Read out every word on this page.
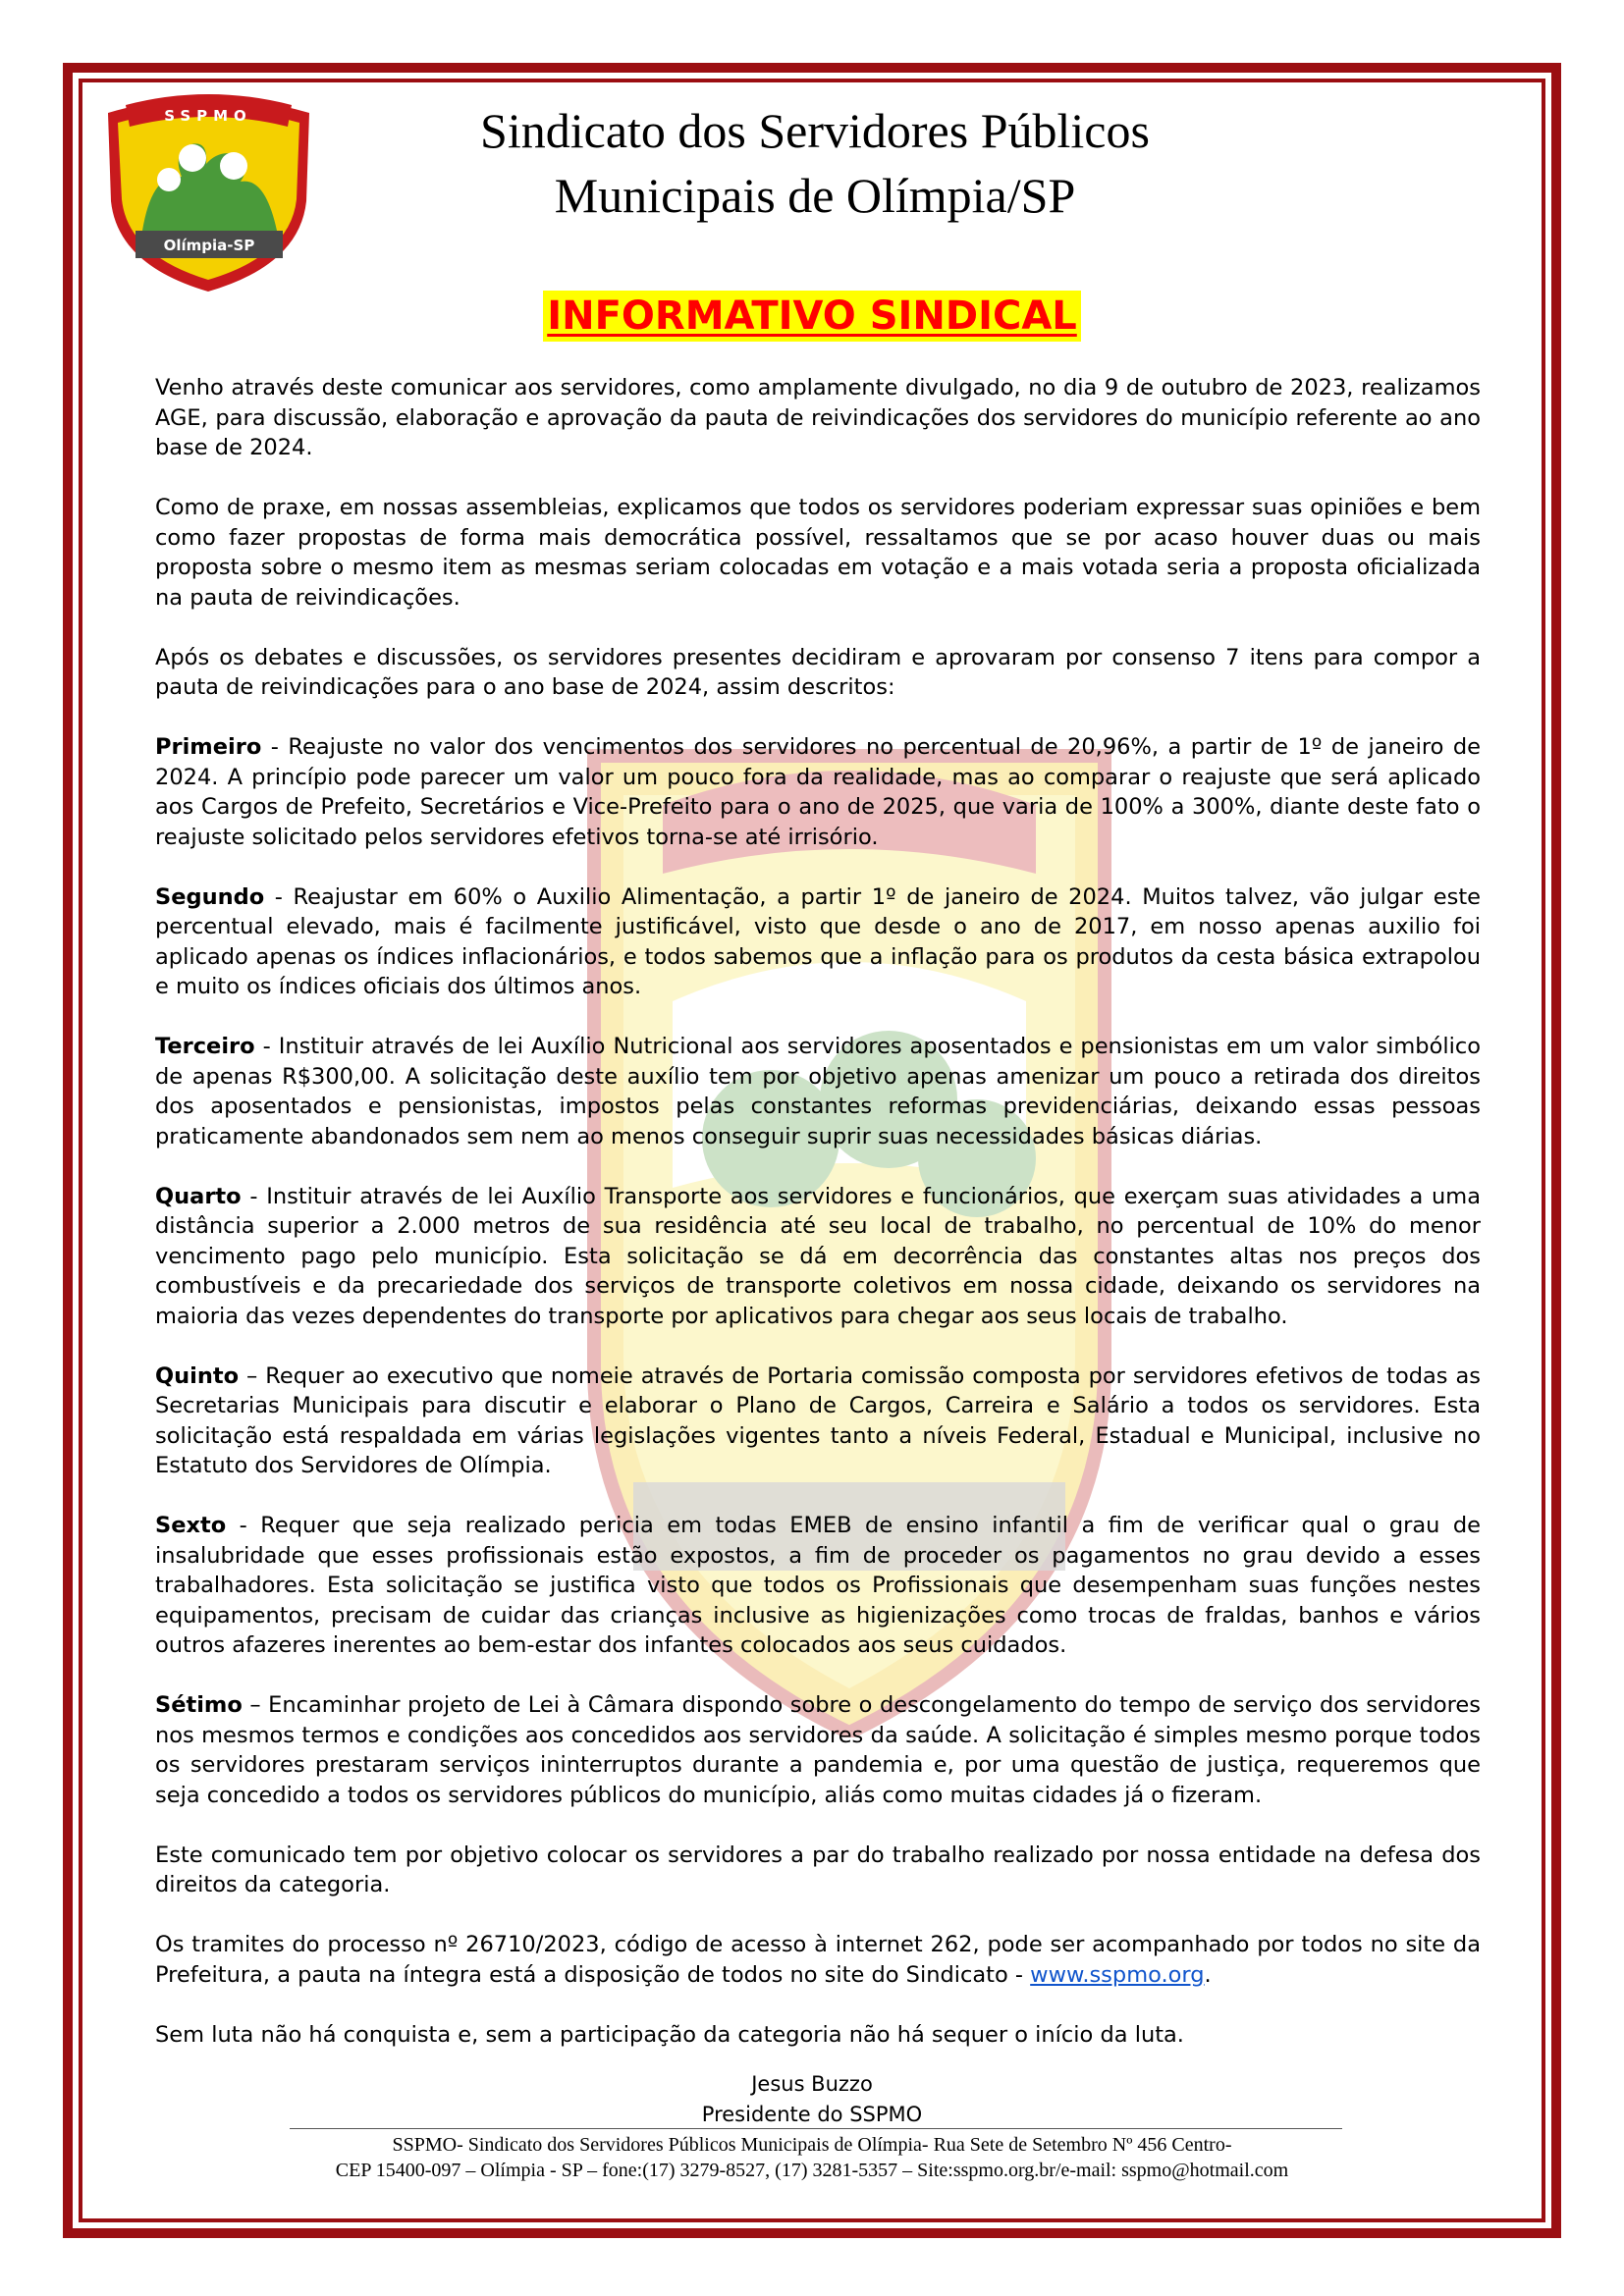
SSPMO
Olímpia-SP
Sindicato dos Servidores Públicos
Municipais de Olímpia/SP
INFORMATIVO SINDICAL

Venho através deste comunicar aos servidores, como amplamente divulgado, no dia 9 de outubro de 2023, realizamos AGE, para discussão, elaboração e aprovação da pauta de reivindicações dos servidores do município referente ao ano base de 2024.

Como de praxe, em nossas assembleias, explicamos que todos os servidores poderiam expressar suas opiniões e bem como fazer propostas de forma mais democrática possível, ressaltamos que se por acaso houver duas ou mais proposta sobre o mesmo item as mesmas seriam colocadas em votação e a mais votada seria a proposta oficializada na pauta de reivindicações.

Após os debates e discussões, os servidores presentes decidiram e aprovaram por consenso 7 itens para compor a pauta de reivindicações para o ano base de 2024, assim descritos:

Primeiro - Reajuste no valor dos vencimentos dos servidores no percentual de 20,96%, a partir de 1º de janeiro de 2024. A princípio pode parecer um valor um pouco fora da realidade, mas ao comparar o reajuste que será aplicado aos Cargos de Prefeito, Secretários e Vice-Prefeito para o ano de 2025, que varia de 100% a 300%, diante deste fato o reajuste solicitado pelos servidores efetivos torna-se até irrisório.

Segundo - Reajustar em 60% o Auxilio Alimentação, a partir 1º de janeiro de 2024. Muitos talvez, vão julgar este percentual elevado, mais é facilmente justificável, visto que desde o ano de 2017, em nosso apenas auxilio foi aplicado apenas os índices inflacionários, e todos sabemos que a inflação para os produtos da cesta básica extrapolou e muito os índices oficiais dos últimos anos.

Terceiro - Instituir através de lei Auxílio Nutricional aos servidores aposentados e pensionistas em um valor simbólico de apenas R$300,00. A solicitação deste auxílio tem por objetivo apenas amenizar um pouco a retirada dos direitos dos aposentados e pensionistas, impostos pelas constantes reformas previdenciárias, deixando essas pessoas praticamente abandonados sem nem ao menos conseguir suprir suas necessidades básicas diárias.

Quarto - Instituir através de lei Auxílio Transporte aos servidores e funcionários, que exerçam suas atividades a uma distância superior a 2.000 metros de sua residência até seu local de trabalho, no percentual de 10% do menor vencimento pago pelo município. Esta solicitação se dá em decorrência das constantes altas nos preços dos combustíveis e da precariedade dos serviços de transporte coletivos em nossa cidade, deixando os servidores na maioria das vezes dependentes do transporte por aplicativos para chegar aos seus locais de trabalho.

Quinto – Requer ao executivo que nomeie através de Portaria comissão composta por servidores efetivos de todas as Secretarias Municipais para discutir e elaborar o Plano de Cargos, Carreira e Salário a todos os servidores. Esta solicitação está respaldada em várias legislações vigentes tanto a níveis Federal, Estadual e Municipal, inclusive no Estatuto dos Servidores de Olímpia.

Sexto - Requer que seja realizado pericia em todas EMEB de ensino infantil a fim de verificar qual o grau de insalubridade que esses profissionais estão expostos, a fim de proceder os pagamentos no grau devido a esses trabalhadores. Esta solicitação se justifica visto que todos os Profissionais que desempenham suas funções nestes equipamentos, precisam de cuidar das crianças inclusive as higienizações como trocas de fraldas, banhos e vários outros afazeres inerentes ao bem-estar dos infantes colocados aos seus cuidados.

Sétimo – Encaminhar projeto de Lei à Câmara dispondo sobre o descongelamento do tempo de serviço dos servidores nos mesmos termos e condições aos concedidos aos servidores da saúde. A solicitação é simples mesmo porque todos os servidores prestaram serviços ininterruptos durante a pandemia e, por uma questão de justiça, requeremos que seja concedido a todos os servidores públicos do município, aliás como muitas cidades já o fizeram.

Este comunicado tem por objetivo colocar os servidores a par do trabalho realizado por nossa entidade na defesa dos direitos da categoria.

Os tramites do processo nº 26710/2023, código de acesso à internet 262, pode ser acompanhado por todos no site da Prefeitura, a pauta na íntegra está a disposição de todos no site do Sindicato - www.sspmo.org.

Sem luta não há conquista e, sem a participação da categoria não há sequer o início da luta.

Jesus Buzzo
Presidente do SSPMO
SSPMO- Sindicato dos Servidores Públicos Municipais de Olímpia- Rua Sete de Setembro Nº 456 Centro-
CEP 15400-097 – Olímpia - SP – fone:(17) 3279-8527, (17) 3281-5357 – Site:sspmo.org.br/e-mail: sspmo@hotmail.com
